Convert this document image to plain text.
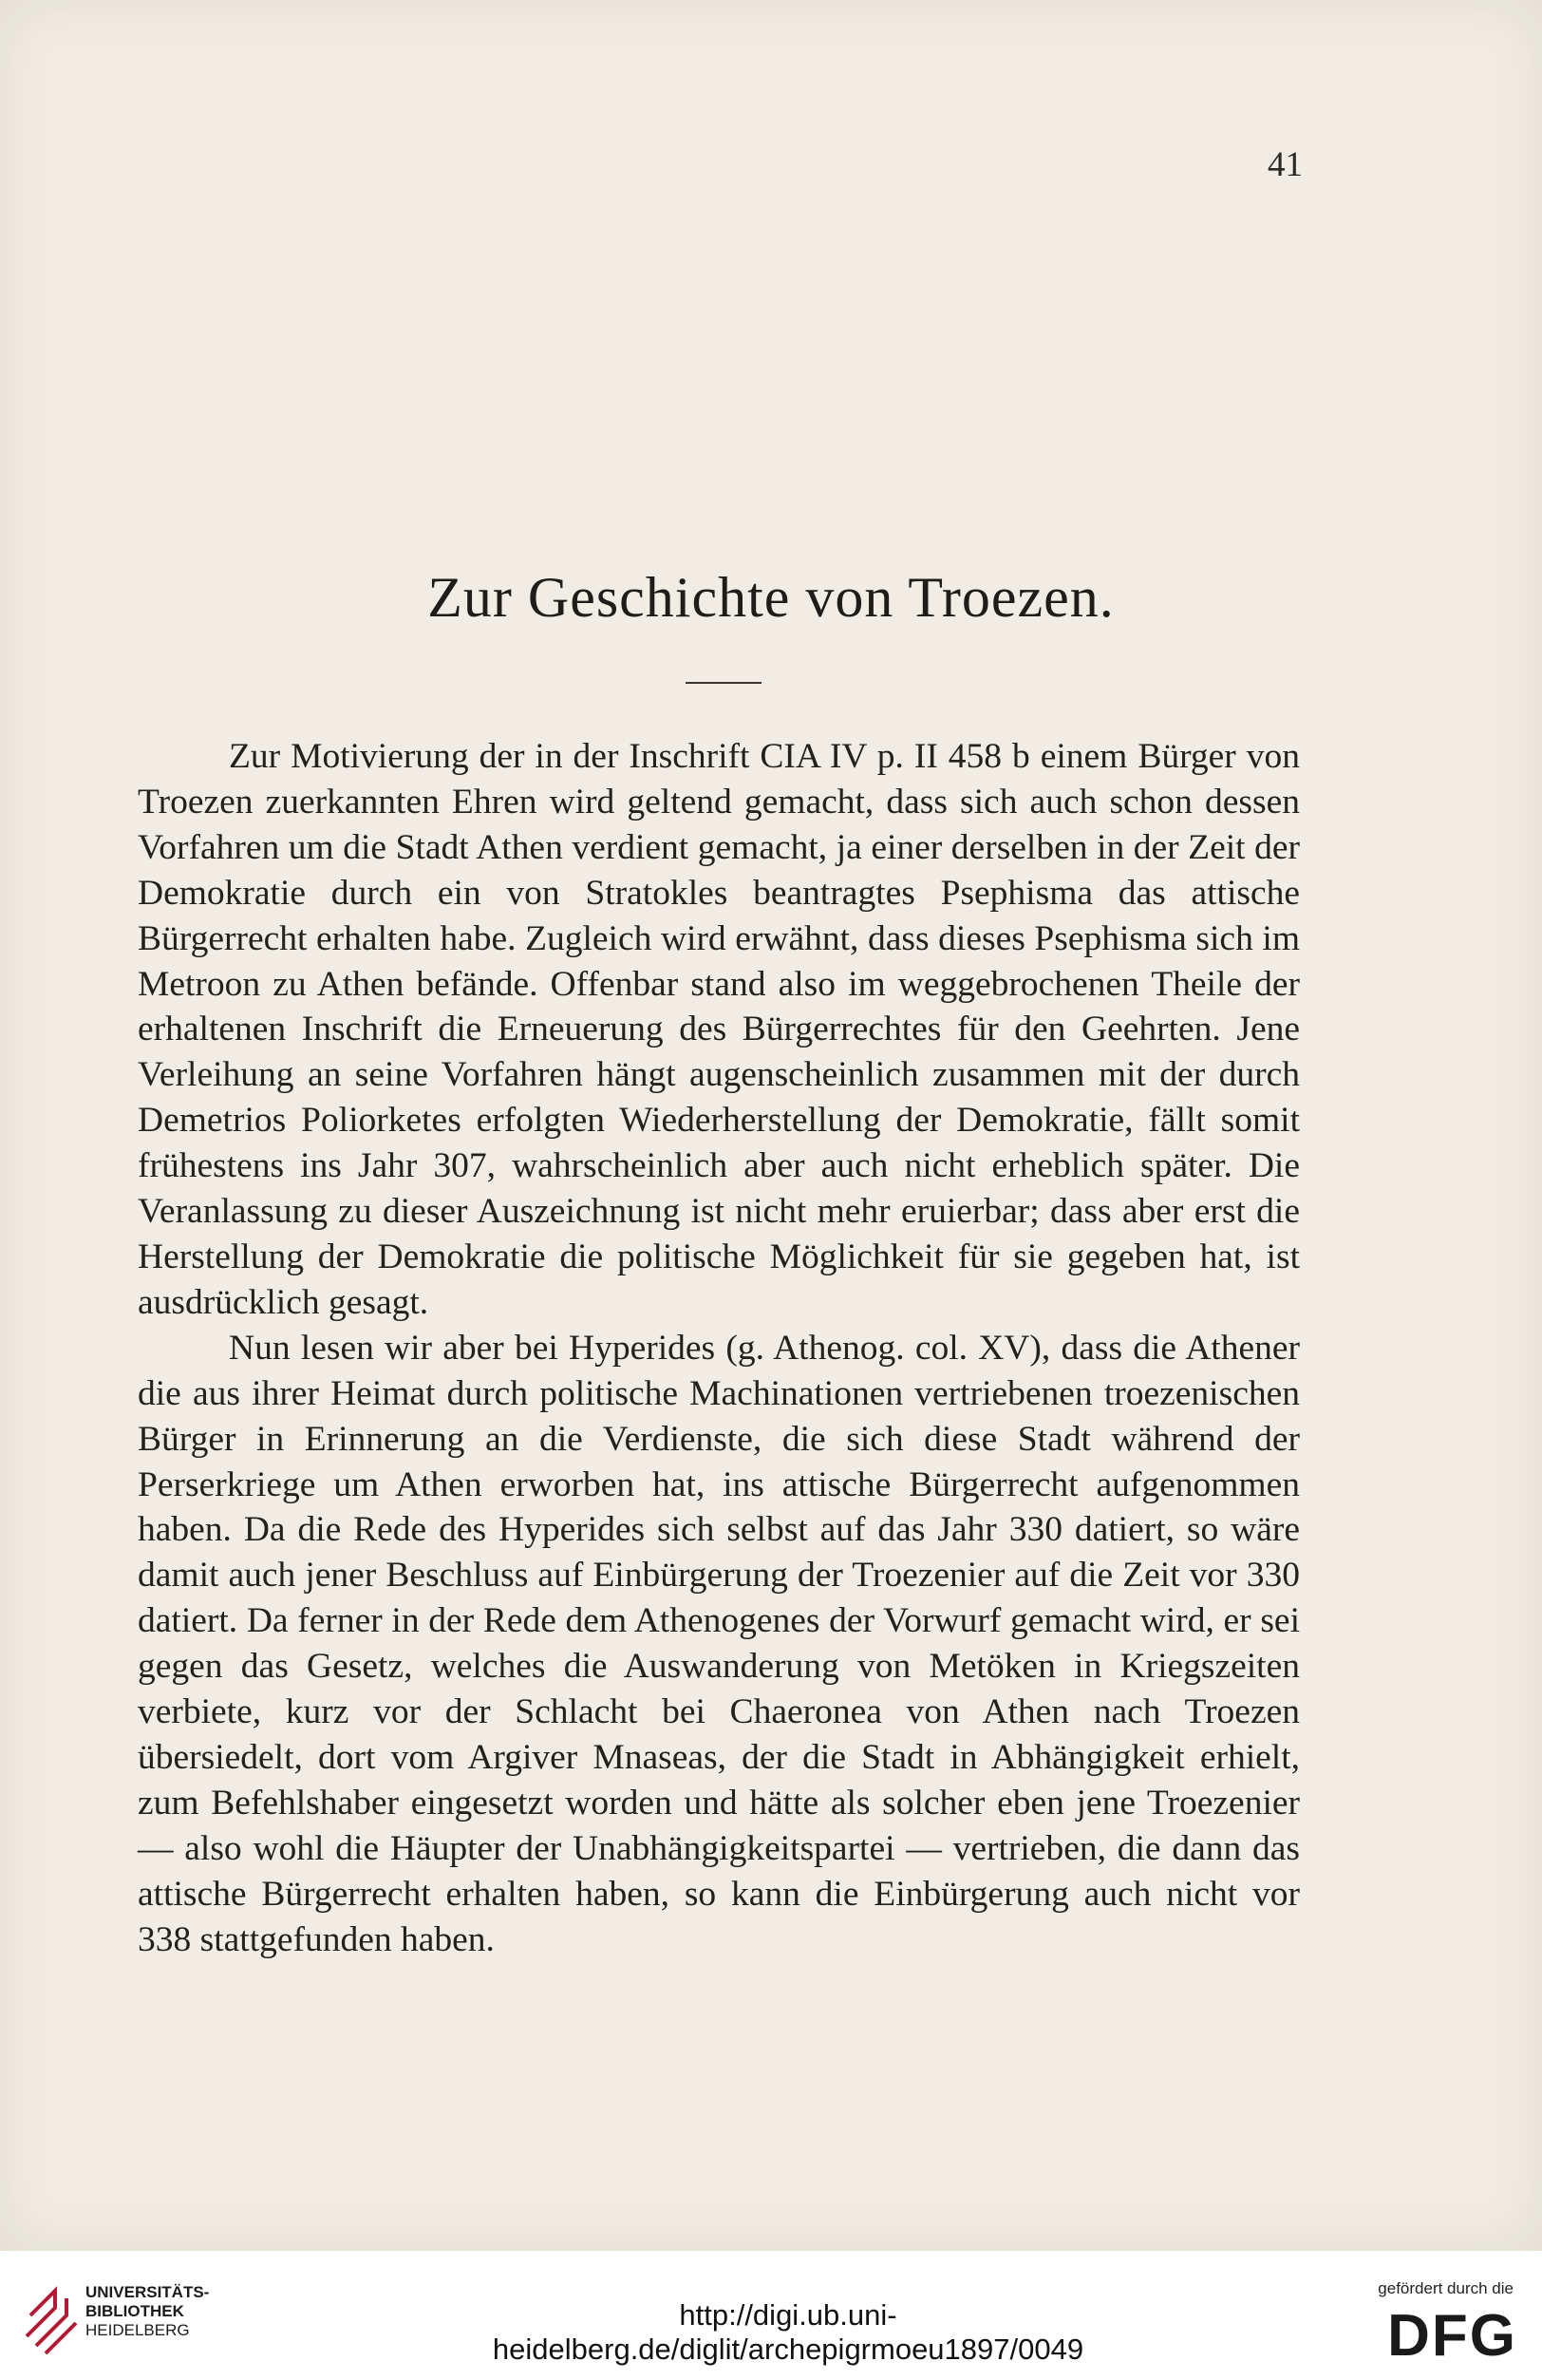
41
Zur Geschichte von Troezen.

Zur Motivierung der in der Inschrift CIA IV p. II 458 b einem Bürger von Troezen zuerkannten Ehren wird geltend gemacht, dass sich auch schon dessen Vorfahren um die Stadt Athen verdient gemacht, ja einer derselben in der Zeit der Demokratie durch ein von Stratokles beantragtes Psephisma das attische Bürgerrecht erhalten habe. Zugleich wird erwähnt, dass dieses Psephisma sich im Metroon zu Athen befände. Offenbar stand also im weggebrochenen Theile der erhaltenen Inschrift die Erneuerung des Bürgerrechtes für den Geehrten. Jene Verleihung an seine Vorfahren hängt augenscheinlich zusammen mit der durch Demetrios Poliorketes erfolgten Wiederherstellung der Demokratie, fällt somit frühestens ins Jahr 307, wahrscheinlich aber auch nicht erheblich später. Die Veranlassung zu dieser Auszeichnung ist nicht mehr eruierbar; dass aber erst die Herstellung der Demokratie die politische Möglichkeit für sie gegeben hat, ist ausdrücklich gesagt.

Nun lesen wir aber bei Hyperides (g. Athenog. col. XV), dass die Athener die aus ihrer Heimat durch politische Machinationen vertriebenen troezenischen Bürger in Erinnerung an die Verdienste, die sich diese Stadt während der Perserkriege um Athen erworben hat, ins attische Bürgerrecht aufgenommen haben. Da die Rede des Hyperides sich selbst auf das Jahr 330 datiert, so wäre damit auch jener Beschluss auf Einbürgerung der Troezenier auf die Zeit vor 330 datiert. Da ferner in der Rede dem Athenogenes der Vorwurf gemacht wird, er sei gegen das Gesetz, welches die Auswanderung von Metöken in Kriegszeiten verbiete, kurz vor der Schlacht bei Chaeronea von Athen nach Troezen übersiedelt, dort vom Argiver Mnaseas, der die Stadt in Abhängigkeit erhielt, zum Befehlshaber eingesetzt worden und hätte als solcher eben jene Troezenier — also wohl die Häupter der Unabhängigkeitspartei — vertrieben, die dann das attische Bürgerrecht erhalten haben, so kann die Einbürgerung auch nicht vor 338 stattgefunden haben.

UNIVERSITÄTS-
BIBLIOTHEK
HEIDELBERG	http://digi.ub.uni-heidelberg.de/diglit/archepigrmoeu1897/0049
gefördert durch die
DFG
